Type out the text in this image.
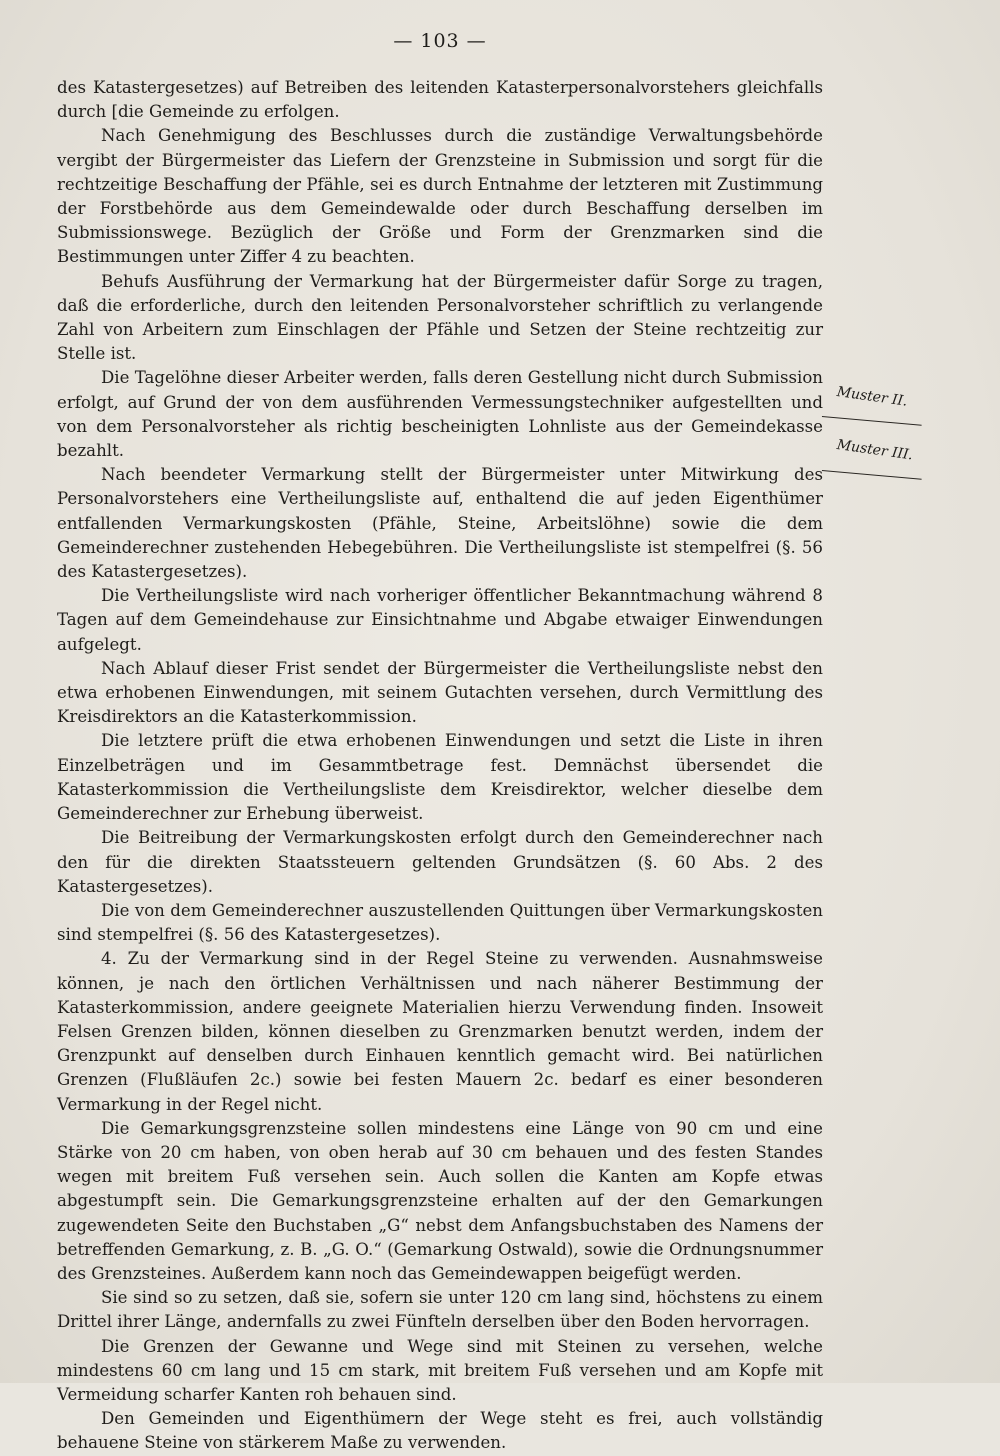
— 103 —

des Katastergesetzes) auf Betreiben des leitenden Katasterpersonalvorstehers gleichfalls durch [die Gemeinde zu erfolgen.

Nach Genehmigung des Beschlusses durch die zuständige Verwaltungsbehörde vergibt der Bürgermeister das Liefern der Grenzsteine in Submission und sorgt für die rechtzeitige Beschaffung der Pfähle, sei es durch Entnahme der letzteren mit Zustimmung der Forstbehörde aus dem Gemeindewalde oder durch Beschaffung derselben im Submissionswege. Bezüglich der Größe und Form der Grenzmarken sind die Bestimmungen unter Ziffer 4 zu beachten.

Behufs Ausführung der Vermarkung hat der Bürgermeister dafür Sorge zu tragen, daß die erforderliche, durch den leitenden Personalvorsteher schriftlich zu verlangende Zahl von Arbeitern zum Einschlagen der Pfähle und Setzen der Steine rechtzeitig zur Stelle ist.

Die Tagelöhne dieser Arbeiter werden, falls deren Gestellung nicht durch Submission erfolgt, auf Grund der von dem ausführenden Vermessungstechniker aufgestellten und von dem Personalvorsteher als richtig bescheinigten Lohnliste aus der Gemeindekasse bezahlt.

Nach beendeter Vermarkung stellt der Bürgermeister unter Mitwirkung des Personalvorstehers eine Vertheilungsliste auf, enthaltend die auf jeden Eigenthümer entfallenden Vermarkungskosten (Pfähle, Steine, Arbeitslöhne) sowie die dem Gemeinderechner zustehenden Hebegebühren. Die Vertheilungsliste ist stempelfrei (§. 56 des Katastergesetzes).

Die Vertheilungsliste wird nach vorheriger öffentlicher Bekanntmachung während 8 Tagen auf dem Gemeindehause zur Einsichtnahme und Abgabe etwaiger Einwendungen aufgelegt.

Nach Ablauf dieser Frist sendet der Bürgermeister die Vertheilungsliste nebst den etwa erhobenen Einwendungen, mit seinem Gutachten versehen, durch Vermittlung des Kreisdirektors an die Katasterkommission.

Die letztere prüft die etwa erhobenen Einwendungen und setzt die Liste in ihren Einzelbeträgen und im Gesammtbetrage fest. Demnächst übersendet die Katasterkommission die Vertheilungsliste dem Kreisdirektor, welcher dieselbe dem Gemeinderechner zur Erhebung überweist.

Die Beitreibung der Vermarkungskosten erfolgt durch den Gemeinderechner nach den für die direkten Staatssteuern geltenden Grundsätzen (§. 60 Abs. 2 des Katastergesetzes).

Die von dem Gemeinderechner auszustellenden Quittungen über Vermarkungskosten sind stempelfrei (§. 56 des Katastergesetzes).

4. Zu der Vermarkung sind in der Regel Steine zu verwenden. Ausnahmsweise können, je nach den örtlichen Verhältnissen und nach näherer Bestimmung der Katasterkommission, andere geeignete Materialien hierzu Verwendung finden. Insoweit Felsen Grenzen bilden, können dieselben zu Grenzmarken benutzt werden, indem der Grenzpunkt auf denselben durch Einhauen kenntlich gemacht wird. Bei natürlichen Grenzen (Flußläufen 2c.) sowie bei festen Mauern 2c. bedarf es einer besonderen Vermarkung in der Regel nicht.

Die Gemarkungsgrenzsteine sollen mindestens eine Länge von 90 cm und eine Stärke von 20 cm haben, von oben herab auf 30 cm behauen und des festen Standes wegen mit breitem Fuß versehen sein. Auch sollen die Kanten am Kopfe etwas abgestumpft sein. Die Gemarkungsgrenzsteine erhalten auf der den Gemarkungen zugewendeten Seite den Buchstaben „G“ nebst dem Anfangsbuchstaben des Namens der betreffenden Gemarkung, z. B. „G. O.“ (Gemarkung Ostwald), sowie die Ordnungsnummer des Grenzsteines. Außerdem kann noch das Gemeindewappen beigefügt werden.

Sie sind so zu setzen, daß sie, sofern sie unter 120 cm lang sind, höchstens zu einem Drittel ihrer Länge, andernfalls zu zwei Fünfteln derselben über den Boden hervorragen.

Die Grenzen der Gewanne und Wege sind mit Steinen zu versehen, welche mindestens 60 cm lang und 15 cm stark, mit breitem Fuß versehen und am Kopfe mit Vermeidung scharfer Kanten roh behauen sind.

Den Gemeinden und Eigenthümern der Wege steht es frei, auch vollständig behauene Steine von stärkerem Maße zu verwenden.

Muster II.
Muster III.
